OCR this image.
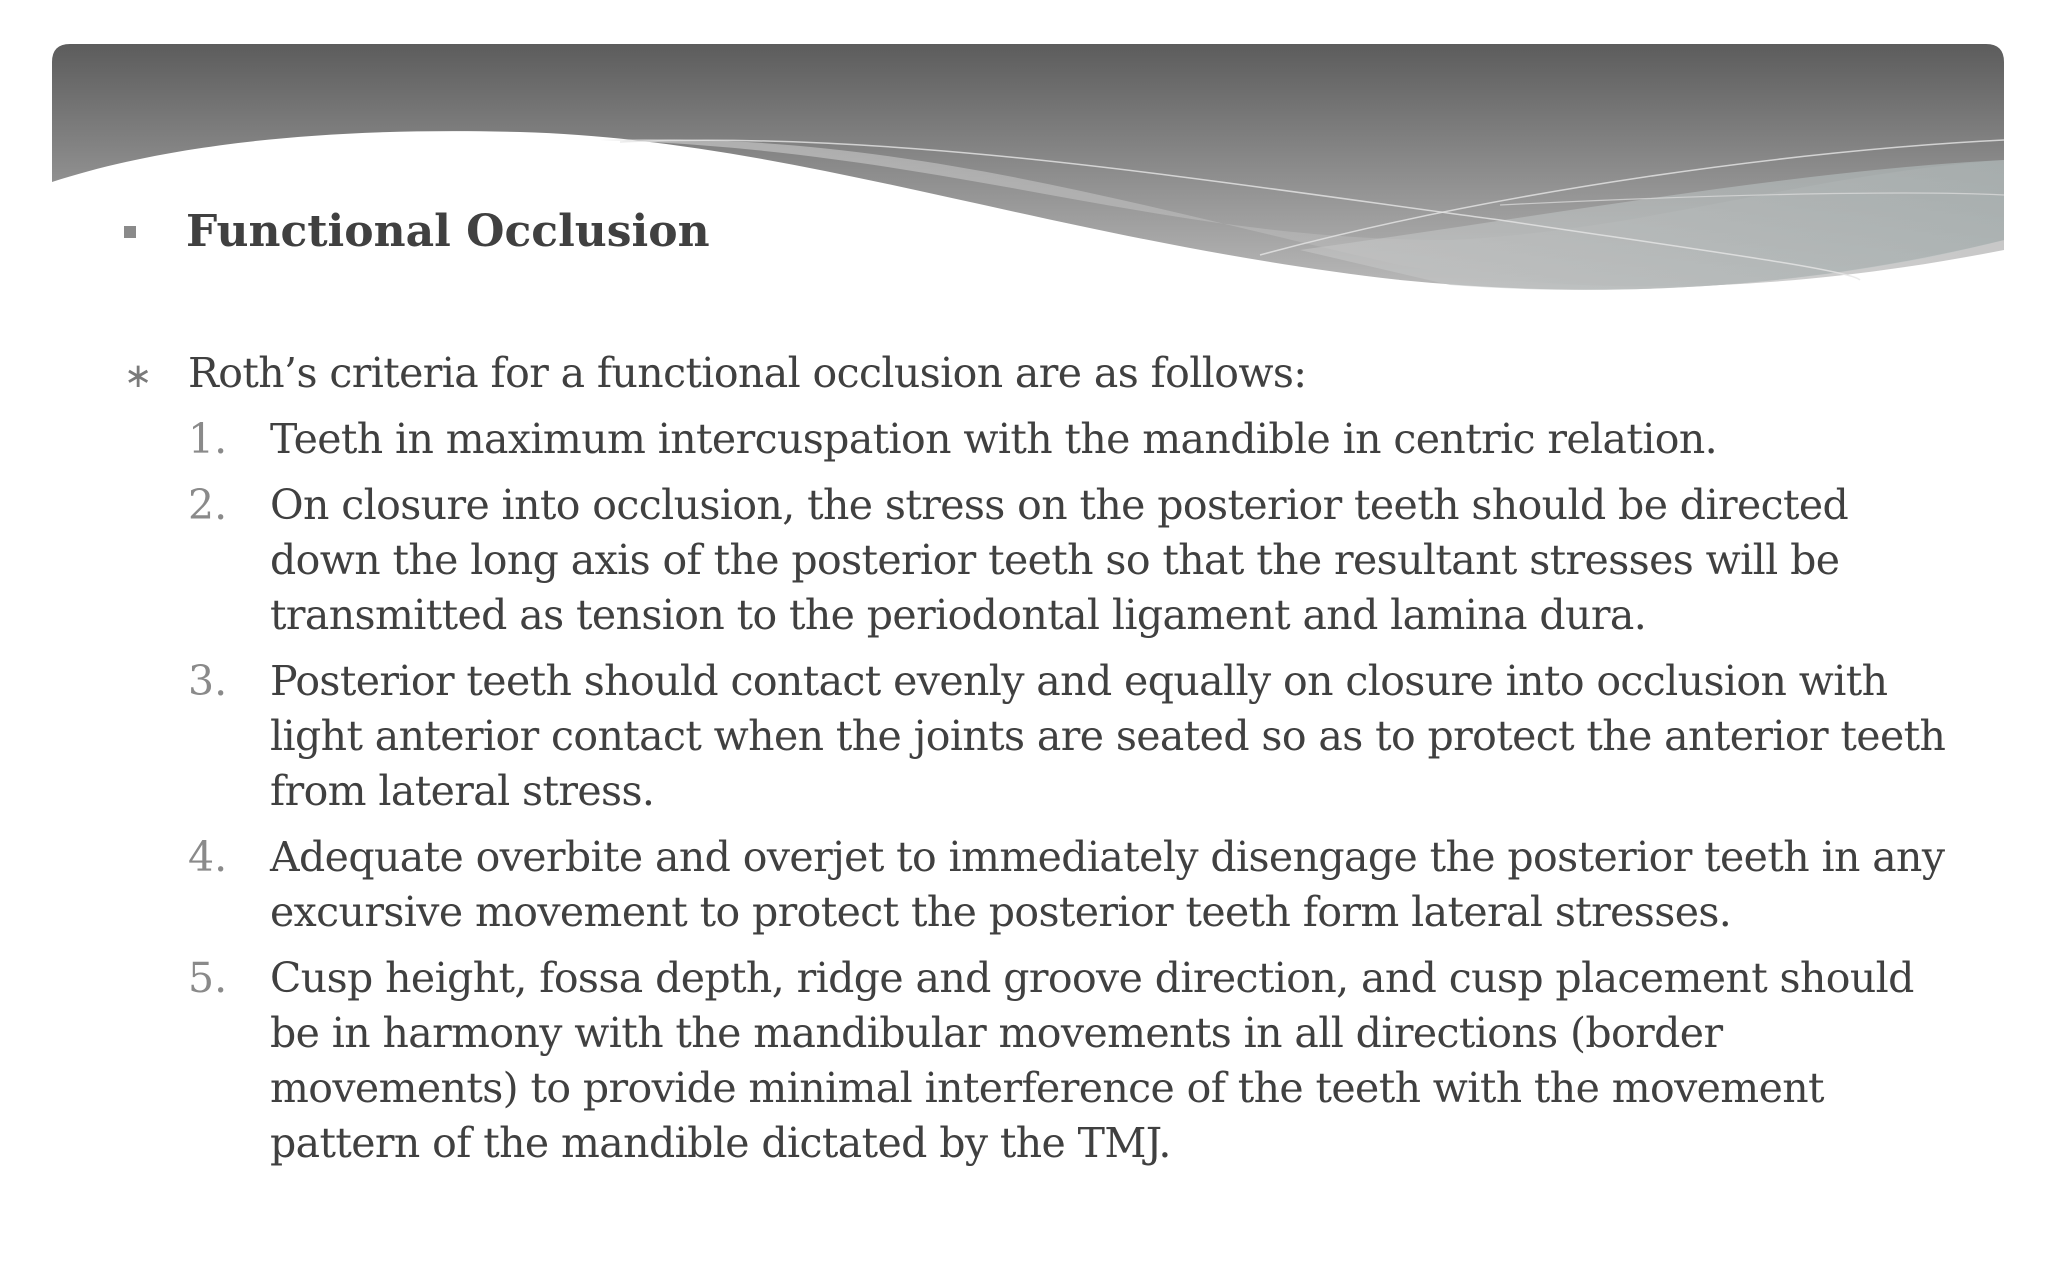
Functional Occlusion
∗ Roth’s criteria for a functional occlusion are as follows:
1.	Teeth in maximum intercuspation with the mandible in centric relation.
2.	On closure into occlusion, the stress on the posterior teeth should be directed down the long axis of the posterior teeth so that the resultant stresses will be transmitted as tension to the periodontal ligament and lamina dura.
3.	Posterior teeth should contact evenly and equally on closure into occlusion with light anterior contact when the joints are seated so as to protect the anterior teeth from lateral stress.
4.	Adequate overbite and overjet to immediately disengage the posterior teeth in any excursive movement to protect the posterior teeth form lateral stresses.
5.	Cusp height, fossa depth, ridge and groove direction, and cusp placement should be in harmony with the mandibular movements in all directions (border movements) to provide minimal interference of the teeth with the movement pattern of the mandible dictated by the TMJ.
